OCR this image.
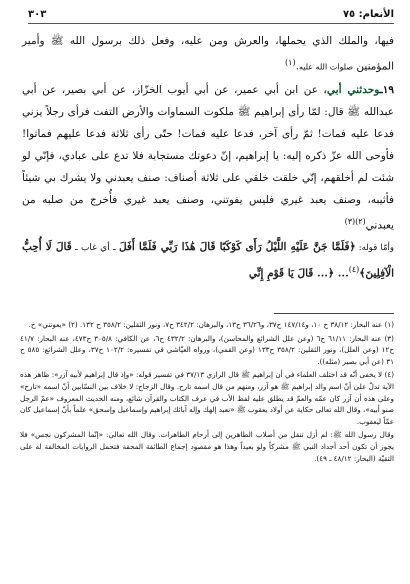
الأنعام: ٧٥
٣٠٣

فيها، والملك الذي يحملها، والعرش ومن عليه، وفعل ذلك برسول الله ﷺ وأمير المؤمنين صلوات الله عليه.$^{(١)}$

١٩ـوحدثني أبي، عن ابن أبي عمير، عن أبي أيوب الخزّاز، عن أبي بصير، عن أبي عبدالله ﷺ قال: لمّا رأى إبراهيم ﷺ ملكوت السماوات والأرض التفت فرأى رجلاً يزني فدعا عليه فمات! ثمّ رأى آخر، فدعا عليه فمات! حتّى رأى ثلاثة فدعا عليهم فماتوا! فأوحى الله عزّ ذكره إليه: يا إبراهيم، إنّ دعوتك مستجابة فلا تدع على عبادي، فإنّي لو شئت لم أخلقهم، إنّي خلقت خلقي على ثلاثة أصناف: صنف يعبدني ولا يشرك بي شيئاً فأثيبه، وصنف يعبد غيري فليس يفوتني، وصنف يعبد غيري فأُخرج من صلبه من يعبدني$^{(٢)(٣)}$

وأمّا قوله: ﴿فَلَمَّا جَنَّ عَلَيْهِ اللَّيْلُ رَأَى كَوْكَبًا قَالَ هَٰذَا رَبِّي فَلَمَّا أَفَلَ ـ أي غاب ـ قَالَ لَا أُحِبُّ الْآفِلِينَ﴾$^{(٤)}$... ﴿... قَالَ يَا قَوْمِ إِنِّي

(١) عنه البحار: ٣٨/١٢ ح ١٠، و١٤٧/١٤ ح٣٧، و٣٦/٢٦ ح١٣، والبرهان: ٣٤٢/٢ ح٧، ونور الثقلين: ٣٥٨/٢ ح ١٣٢. (٢) «يعوتني» خ.

(٣) عنه البحار: ٦١/١١ ح٦ (وعن علل الشرائع والمحاسن)، والبرهان: ٤٣٢/٢ ح٦، عن الكافي: ٣٠٥/٨ ح٤٧٣، عنه البحار: ٤١/٧ ح١٢ (وعن العلل)، ونور الثقلين: ٣٥٨/٢ ح١٣٣ (وعن القمي)، ورواه العيّاشي في تفسيره: ١٠٢/٢ ح٣٧، وعلل الشرائع: ٥٨٥ ح ٣١ (عن أبي بصير (مثله)).

(٤) لا يخفى أنّه قد اختلف العلماء في أن إبراهيم ﷺ قال الرازي ٣٧/١٣ في تفسير قوله: «وإذ قال إبراهيم لأبيه آزر»: ظاهر هذه الآية تدلّ على أنّ اسم والد إبراهيم ﷺ هو آزر، ومنهم من قال اسمه تارح. وقال الزجاج: لا خلاف بين النسّابين أنّ اسمه «تارح» وعلى هذه أن آزر كان عمّه والعمّ قد يطلق عليه لفظ الأب في عرف الكتاب والقرآن شائع، ومنه الحديث المعروف «عمّ الرجل صنو أبيه»، وقال الله تعالى حكاية عن أولاد يعقوب ﷺ «نعبد إلهك وإله آبائك إبراهيم وإسماعيل وإسحق» علماً بأنّ إسماعيل كان عمّاً ليعقوب.

وقال رسول الله ﷺ: لم أزل تنقل من أصلاب الطاهرين إلى أرحام الطاهرات. وقال الله تعالى: «إنّما المشركون نجس» فلا يجوز أن تكون أحد أجداد النبي ﷺ مشركاً ولو بعيداً وهذا هو مقصود إجماع الطائفة المحقة فتحمل الروايات المخالفة له على التقيّة (البحار: ٤٨/١٢ ـ ٤٩).
